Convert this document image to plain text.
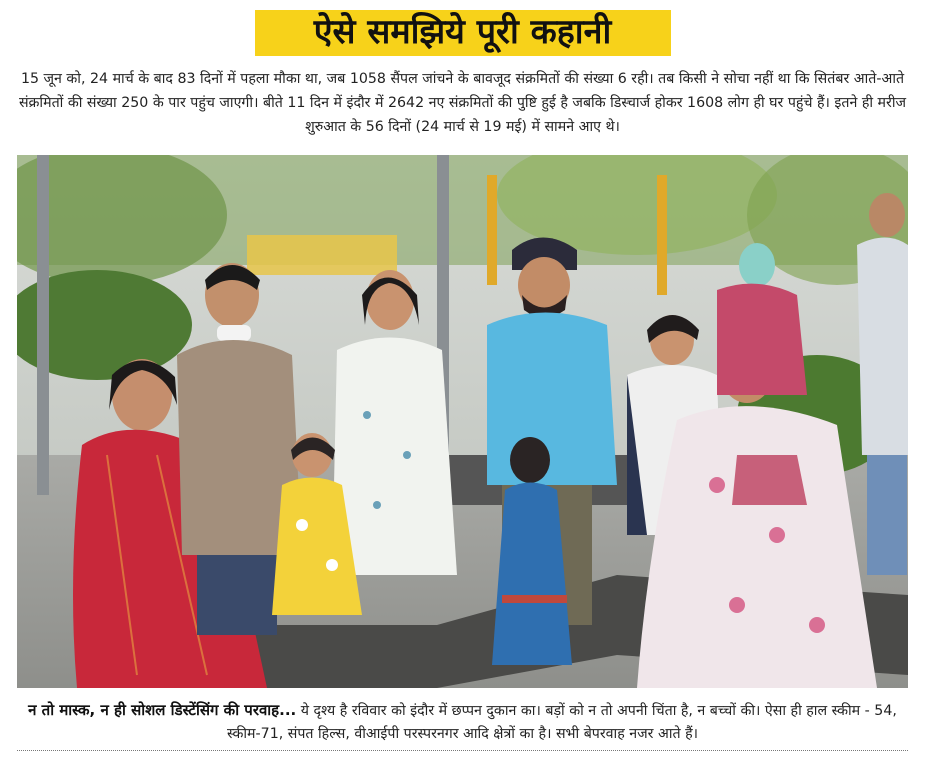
ऐसे समझिये पूरी कहानी

15 जून को, 24 मार्च के बाद 83 दिनों में पहला मौका था, जब 1058 सैंपल जांचने के बावजूद संक्रमितों की संख्या 6 रही। तब किसी ने सोचा नहीं था कि सितंबर आते-आते संक्रमितों की संख्या 250 के पार पहुंच जाएगी। बीते 11 दिन में इंदौर में 2642 नए संक्रमितों की पुष्टि हुई है जबकि डिस्चार्ज होकर 1608 लोग ही घर पहुंचे हैं। इतने ही मरीज शुरुआत के 56 दिनों (24 मार्च से 19 मई) में सामने आए थे।

न तो मास्क, न ही सोशल डिस्टेंसिंग की परवाह... ये दृश्य है रविवार को इंदौर में छप्पन दुकान का। बड़ों को न तो अपनी चिंता है, न बच्चों की। ऐसा ही हाल स्कीम - 54, स्कीम-71, संपत हिल्स, वीआईपी परस्परनगर आदि क्षेत्रों का है। सभी बेपरवाह नजर आते हैं।
